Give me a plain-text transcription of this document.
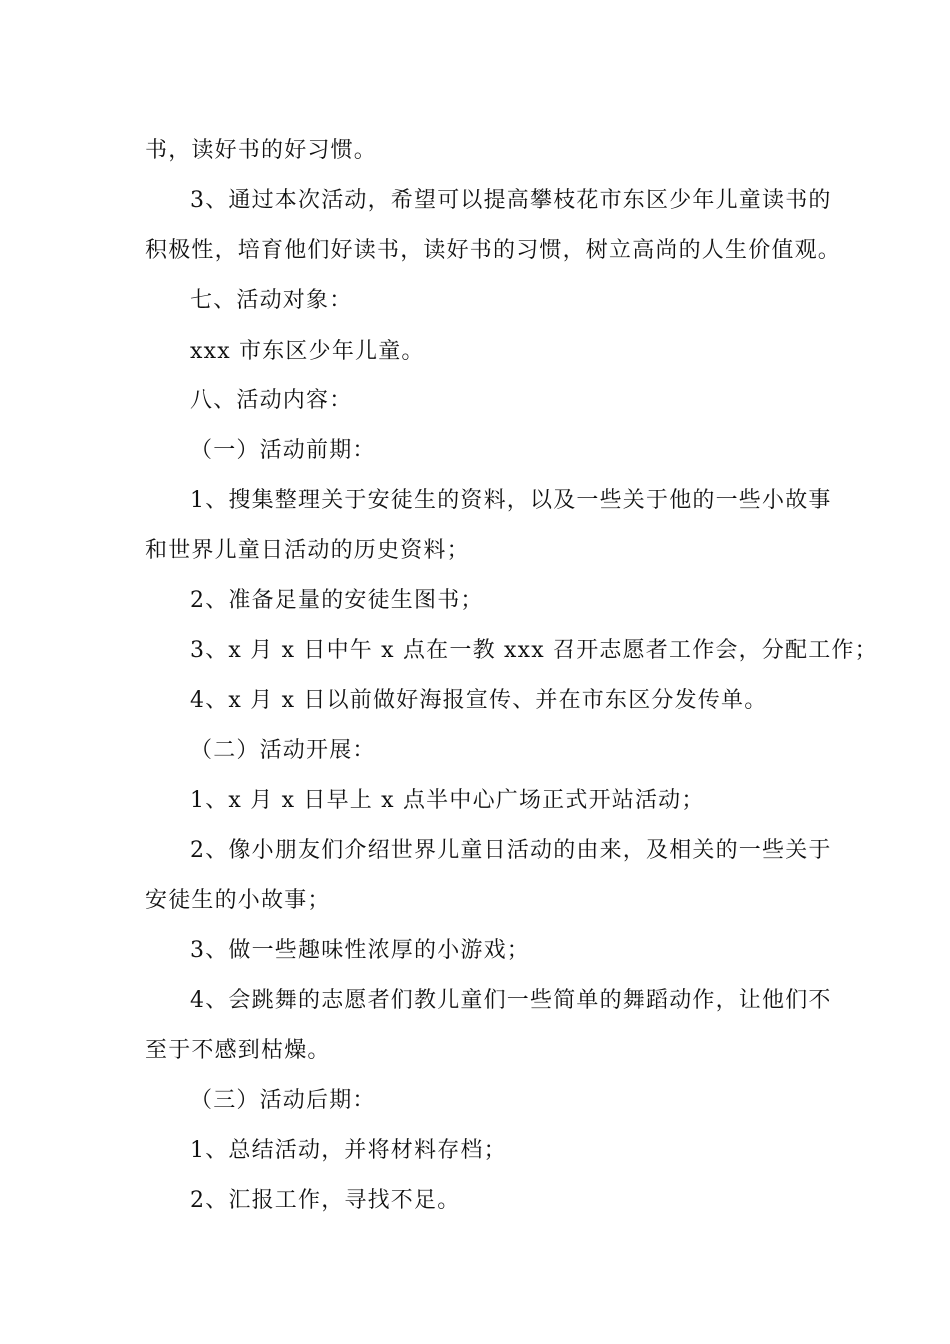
书，读好书的好习惯。
3、通过本次活动，希望可以提高攀枝花市东区少年儿童读书的
积极性，培育他们好读书，读好书的习惯，树立高尚的人生价值观。
七、活动对象：
xxx 市东区少年儿童。
八、活动内容：
（一）活动前期：
1、搜集整理关于安徒生的资料，以及一些关于他的一些小故事
和世界儿童日活动的历史资料；
2、准备足量的安徒生图书；
3、x 月 x 日中午 x 点在一教 xxx 召开志愿者工作会，分配工作；
4、x 月 x 日以前做好海报宣传、并在市东区分发传单。
（二）活动开展：
1、x 月 x 日早上 x 点半中心广场正式开站活动；
2、像小朋友们介绍世界儿童日活动的由来，及相关的一些关于
安徒生的小故事；
3、做一些趣味性浓厚的小游戏；
4、会跳舞的志愿者们教儿童们一些简单的舞蹈动作，让他们不
至于不感到枯燥。
（三）活动后期：
1、总结活动，并将材料存档；
2、汇报工作，寻找不足。
